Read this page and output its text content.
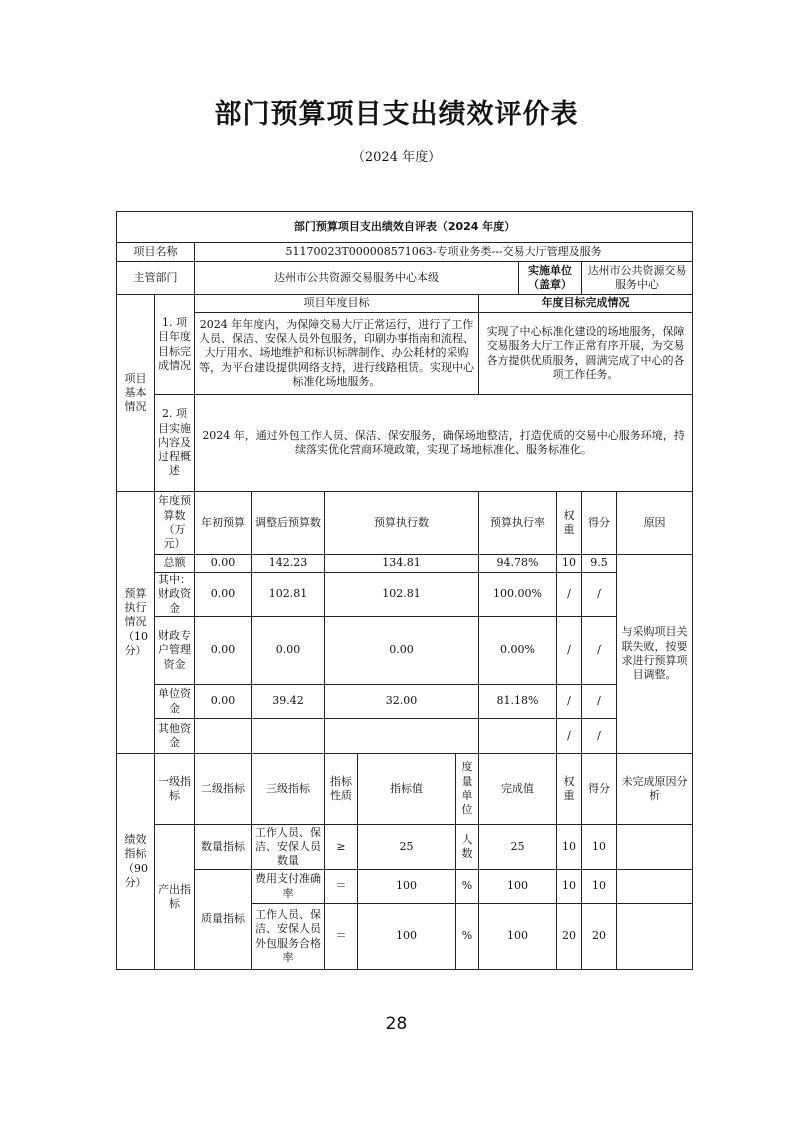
部门预算项目支出绩效评价表
（2024 年度）
部门预算项目支出绩效自评表（2024 年度）											
项目名称		51170023T000008571063-专项业务类---交易大厅管理及服务									
主管部门		达州市公共资源交易服务中心本级						实施单位（盖章）		达州市公共资源交易服务中心	
项目基本情况	1. 项目年度目标完成情况	项目年度目标					年度目标完成情况				
		2024 年年度内，为保障交易大厅正常运行，进行了工作人员、保洁、安保人员外包服务，印刷办事指南和流程、大厅用水、场地维护和标识标牌制作、办公耗材的采购等，为平台建设提供网络支持，进行线路租赁。实现中心标准化场地服务。					实现了中心标准化建设的场地服务，保障交易服务大厅工作正常有序开展，为交易各方提供优质服务，圆满完成了中心的各项工作任务。				
	2. 项目实施内容及过程概述	2024 年，通过外包工作人员、保洁、保安服务，确保场地整洁，打造优质的交易中心服务环境，持续落实优化营商环境政策，实现了场地标准化、服务标准化。									

预算执行情况（10分）	年度预算数（万元）	年初预算	调整后预算数	预算执行数			预算执行率		权重	得分	原因
	总额	0.00	142.23	134.81			94.78%		10	9.5	与采购项目关联失败，按要求进行预算项目调整。
	其中：财政资金	0.00	102.81	102.81			100.00%		/	/	
	财政专户管理资金	0.00	0.00	0.00			0.00%		/	/	
	单位资金	0.00	39.42	32.00			81.18%		/	/	
	其他资金								/	/	
绩效指标（90分）	一级指标	二级指标	三级指标	指标性质	指标值	度量单位	完成值		权重	得分	未完成原因分析
	产出指标	数量指标	工作人员、保洁、安保人员数量	≥	25	人数	25		10	10	
		质量指标	费用支付准确率	＝	100	%	100		10	10	
			工作人员、保洁、安保人员外包服务合格率	＝	100	%	100		20	20	
28
